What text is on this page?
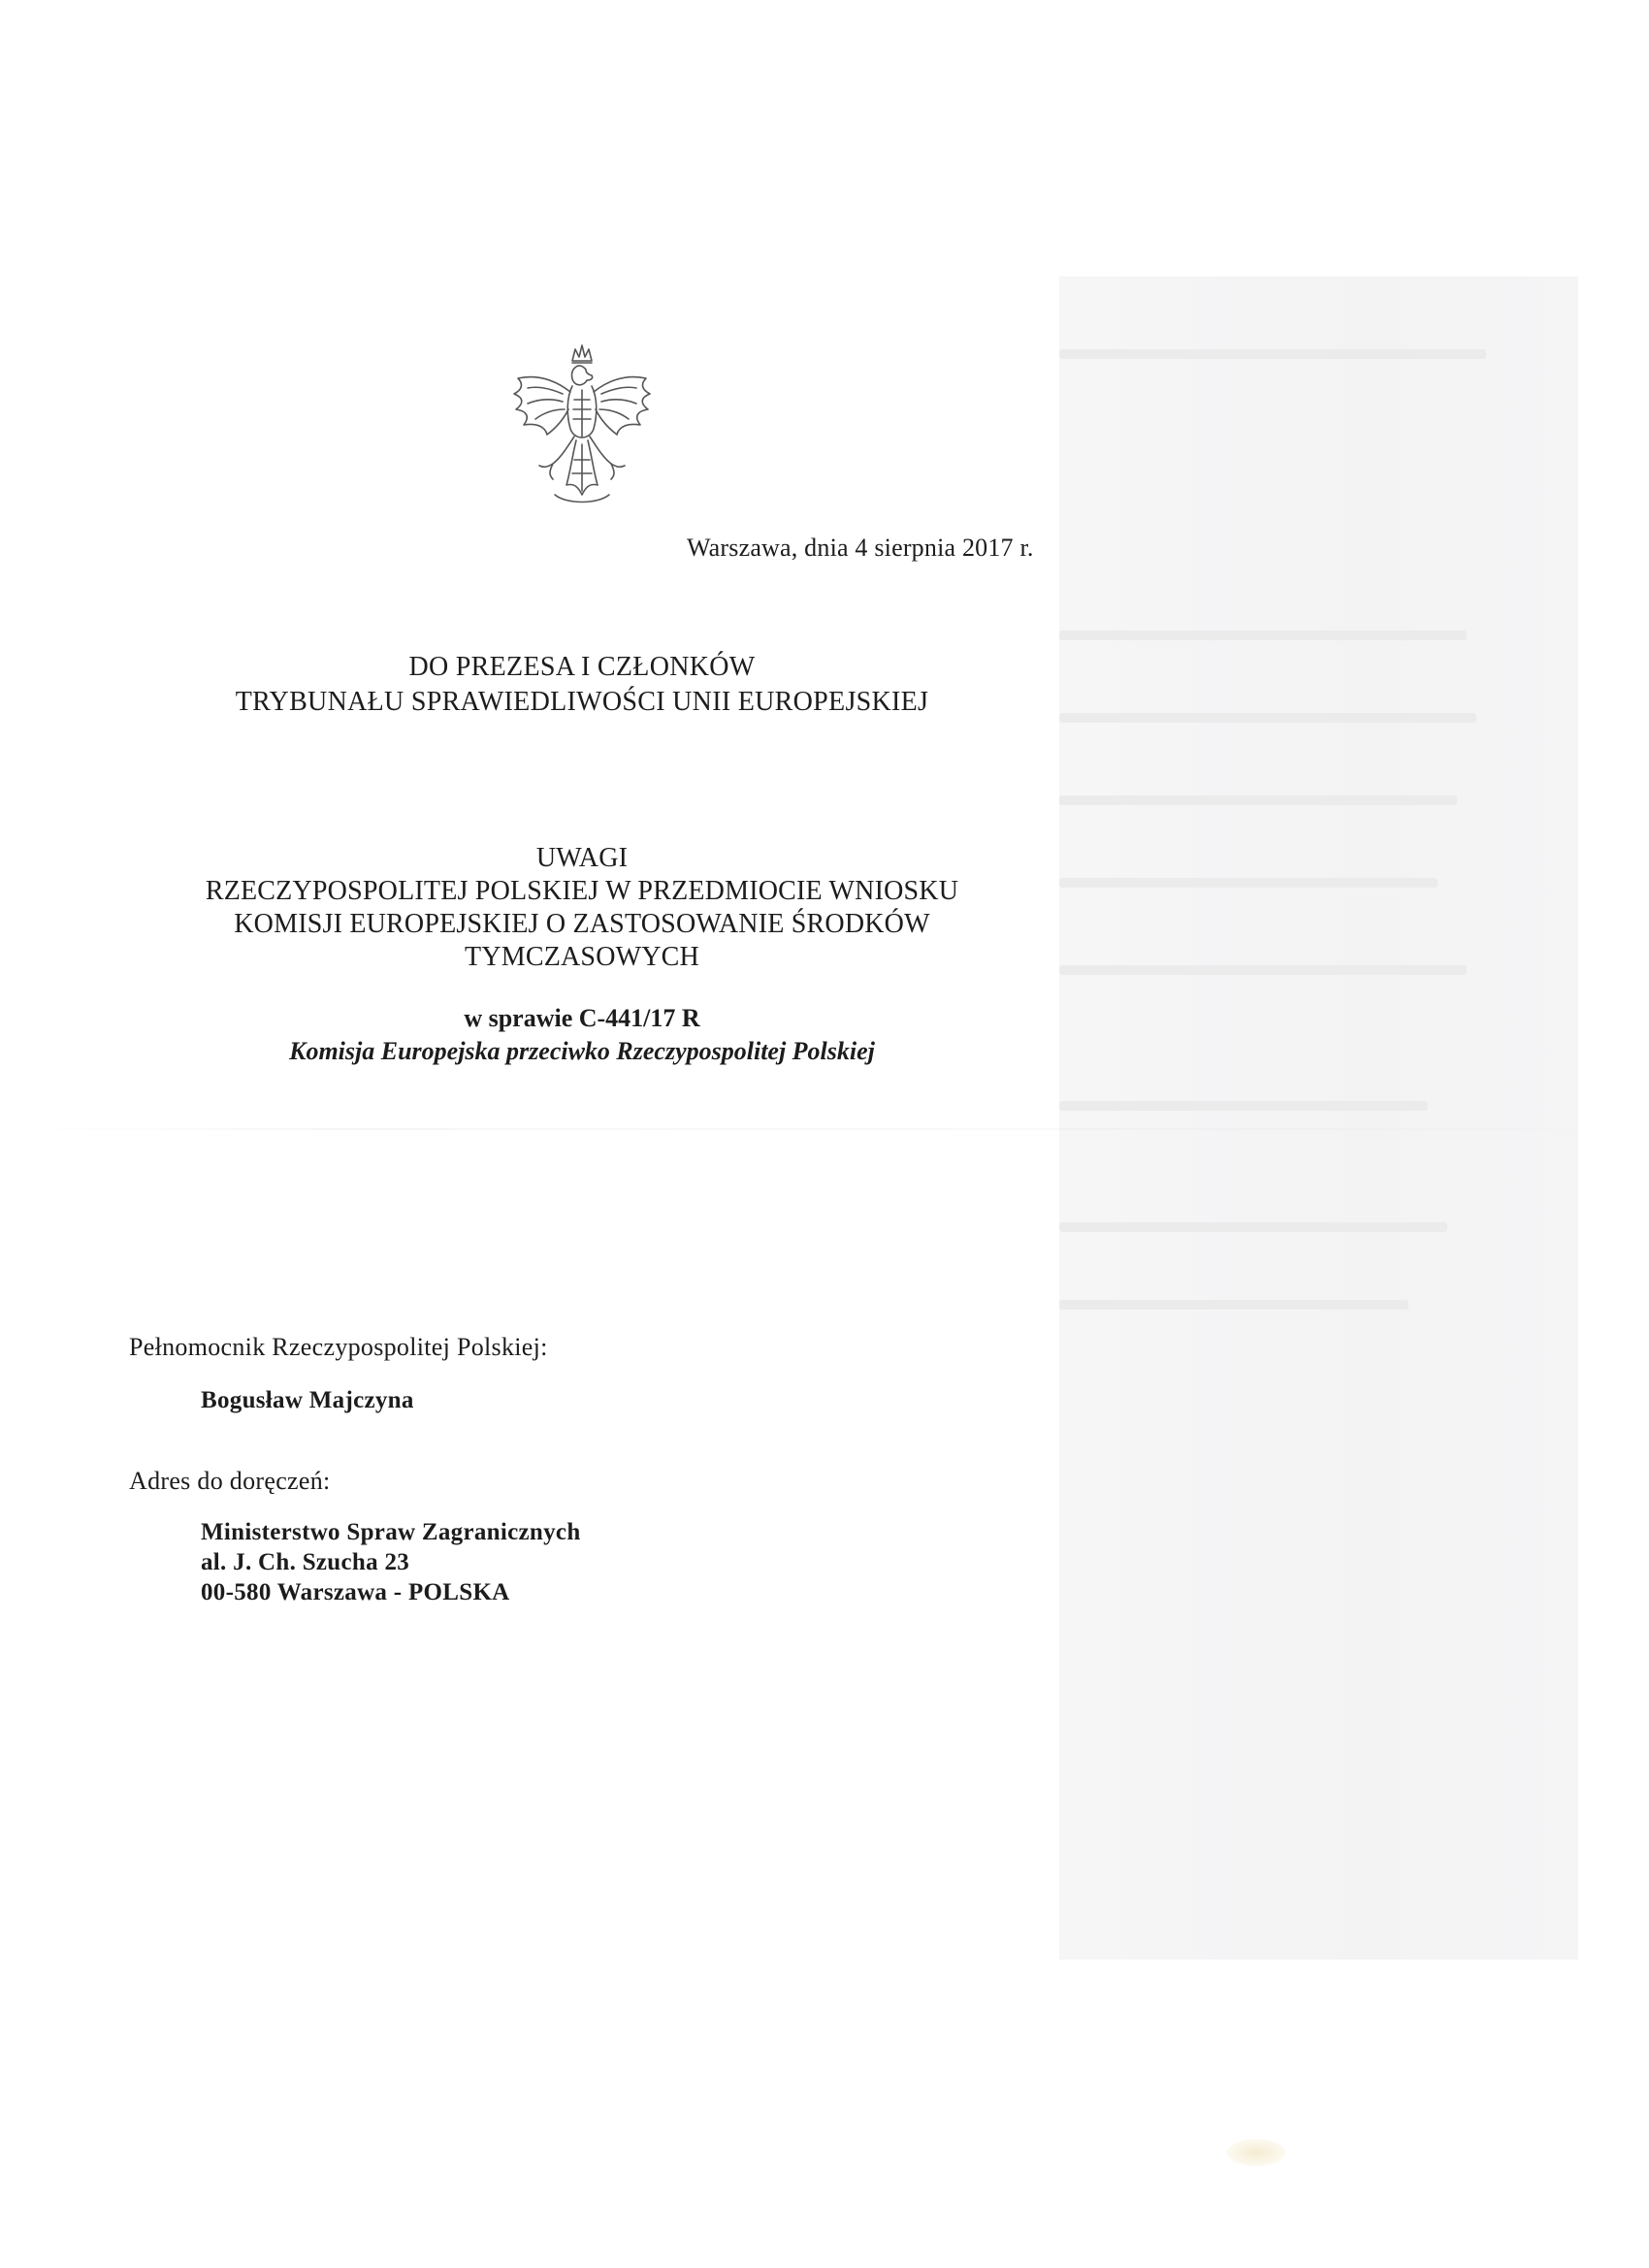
Warszawa, dnia 4 sierpnia 2017 r.
DO PREZESA I CZŁONKÓW
TRYBUNAŁU SPRAWIEDLIWOŚCI UNII EUROPEJSKIEJ
UWAGI
RZECZYPOSPOLITEJ POLSKIEJ W PRZEDMIOCIE WNIOSKU
KOMISJI EUROPEJSKIEJ O ZASTOSOWANIE ŚRODKÓW
TYMCZASOWYCH
w sprawie C-441/17 R
Komisja Europejska przeciwko Rzeczypospolitej Polskiej
Pełnomocnik Rzeczypospolitej Polskiej:
Bogusław Majczyna
Adres do doręczeń:
Ministerstwo Spraw Zagranicznych
al. J. Ch. Szucha 23
00-580 Warszawa - POLSKA
